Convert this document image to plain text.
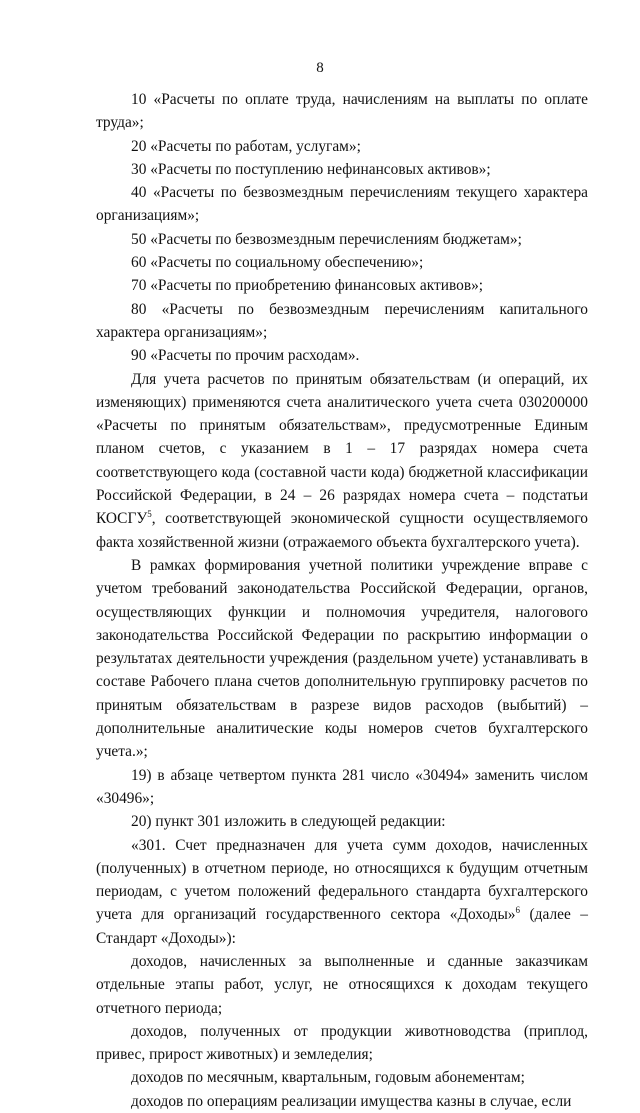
8

10 «Расчеты по оплате труда, начислениям на выплаты по оплате труда»;

20 «Расчеты по работам, услугам»;

30 «Расчеты по поступлению нефинансовых активов»;

40 «Расчеты по безвозмездным перечислениям текущего характера организациям»;

50 «Расчеты по безвозмездным перечислениям бюджетам»;

60 «Расчеты по социальному обеспечению»;

70 «Расчеты по приобретению финансовых активов»;

80 «Расчеты по безвозмездным перечислениям капитального характера организациям»;

90 «Расчеты по прочим расходам».

Для учета расчетов по принятым обязательствам (и операций, их изменяющих) применяются счета аналитического учета счета 030200000 «Расчеты по принятым обязательствам», предусмотренные Единым планом счетов, с указанием в 1 – 17 разрядах номера счета соответствующего кода (составной части кода) бюджетной классификации Российской Федерации, в 24 – 26 разрядах номера счета – подстатьи КОСГУ$^5$, соответствующей экономической сущности осуществляемого факта хозяйственной жизни (отражаемого объекта бухгалтерского учета).

В рамках формирования учетной политики учреждение вправе с учетом требований законодательства Российской Федерации, органов, осуществляющих функции и полномочия учредителя, налогового законодательства Российской Федерации по раскрытию информации о результатах деятельности учреждения (раздельном учете) устанавливать в составе Рабочего плана счетов дополнительную группировку расчетов по принятым обязательствам в разрезе видов расходов (выбытий) – дополнительные аналитические коды номеров счетов бухгалтерского учета.»;

19) в абзаце четвертом пункта 281 число «30494» заменить числом «30496»;

20) пункт 301 изложить в следующей редакции:

«301. Счет предназначен для учета сумм доходов, начисленных (полученных) в отчетном периоде, но относящихся к будущим отчетным периодам, с учетом положений федерального стандарта бухгалтерского учета для организаций государственного сектора «Доходы»$^6$ (далее – Стандарт «Доходы»):

доходов, начисленных за выполненные и сданные заказчикам отдельные этапы работ, услуг, не относящихся к доходам текущего отчетного периода;

доходов, полученных от продукции животноводства (приплод, привес, прирост животных) и земледелия;

доходов по месячным, квартальным, годовым абонементам;

доходов по операциям реализации имущества казны в случае, если
